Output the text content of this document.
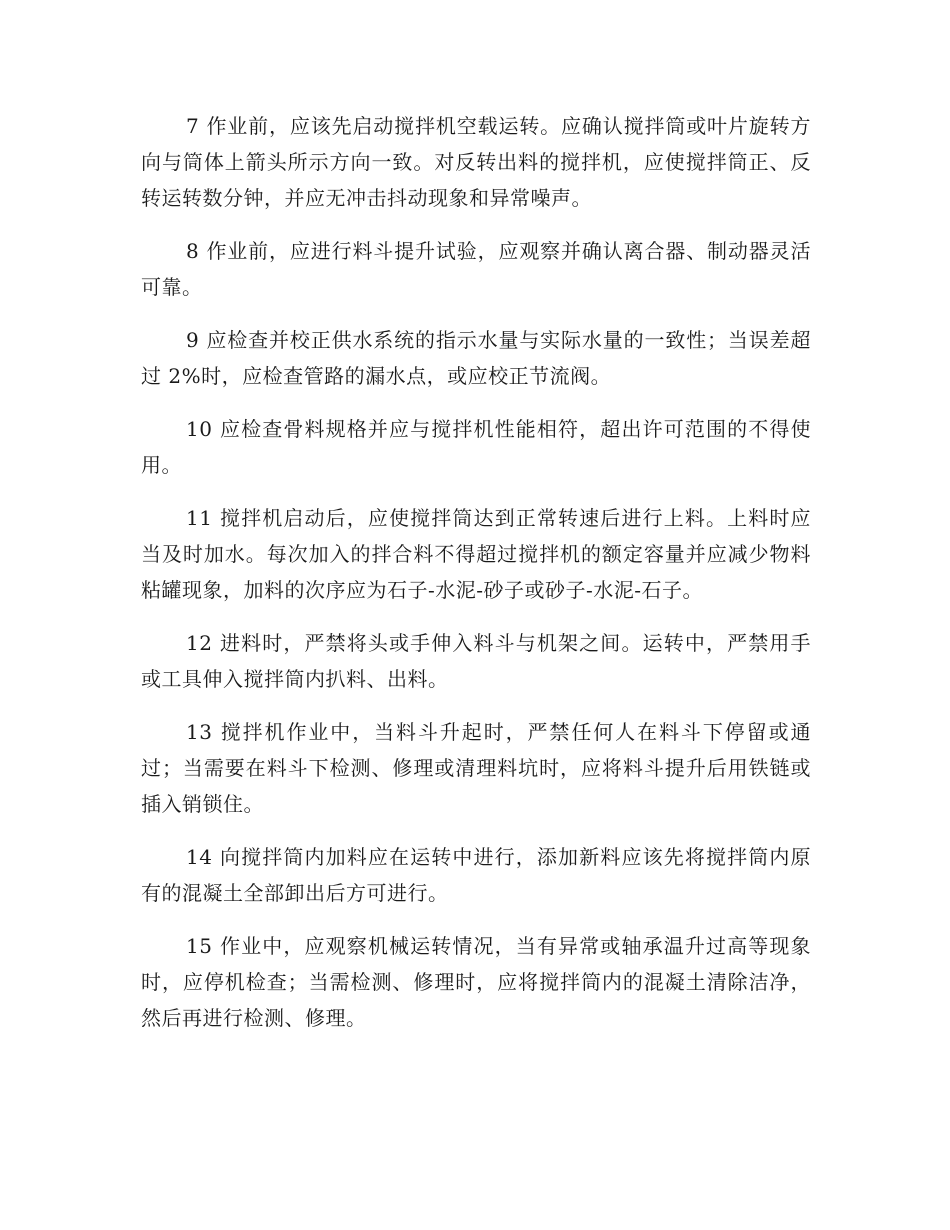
7 作业前，应该先启动搅拌机空载运转。应确认搅拌筒或叶片旋转方向与筒体上箭头所示方向一致。对反转出料的搅拌机，应使搅拌筒正、反转运转数分钟，并应无冲击抖动现象和异常噪声。

8 作业前，应进行料斗提升试验，应观察并确认离合器、制动器灵活可靠。

9 应检查并校正供水系统的指示水量与实际水量的一致性；当误差超过 2%时，应检查管路的漏水点，或应校正节流阀。

10 应检查骨料规格并应与搅拌机性能相符，超出许可范围的不得使用。

11 搅拌机启动后，应使搅拌筒达到正常转速后进行上料。上料时应当及时加水。每次加入的拌合料不得超过搅拌机的额定容量并应减少物料粘罐现象，加料的次序应为石子-水泥-砂子或砂子-水泥-石子。

12 进料时，严禁将头或手伸入料斗与机架之间。运转中，严禁用手或工具伸入搅拌筒内扒料、出料。

13 搅拌机作业中，当料斗升起时，严禁任何人在料斗下停留或通过；当需要在料斗下检测、修理或清理料坑时，应将料斗提升后用铁链或插入销锁住。

14 向搅拌筒内加料应在运转中进行，添加新料应该先将搅拌筒内原有的混凝土全部卸出后方可进行。

15 作业中，应观察机械运转情况，当有异常或轴承温升过高等现象时，应停机检查；当需检测、修理时，应将搅拌筒内的混凝土清除洁净，然后再进行检测、修理。
